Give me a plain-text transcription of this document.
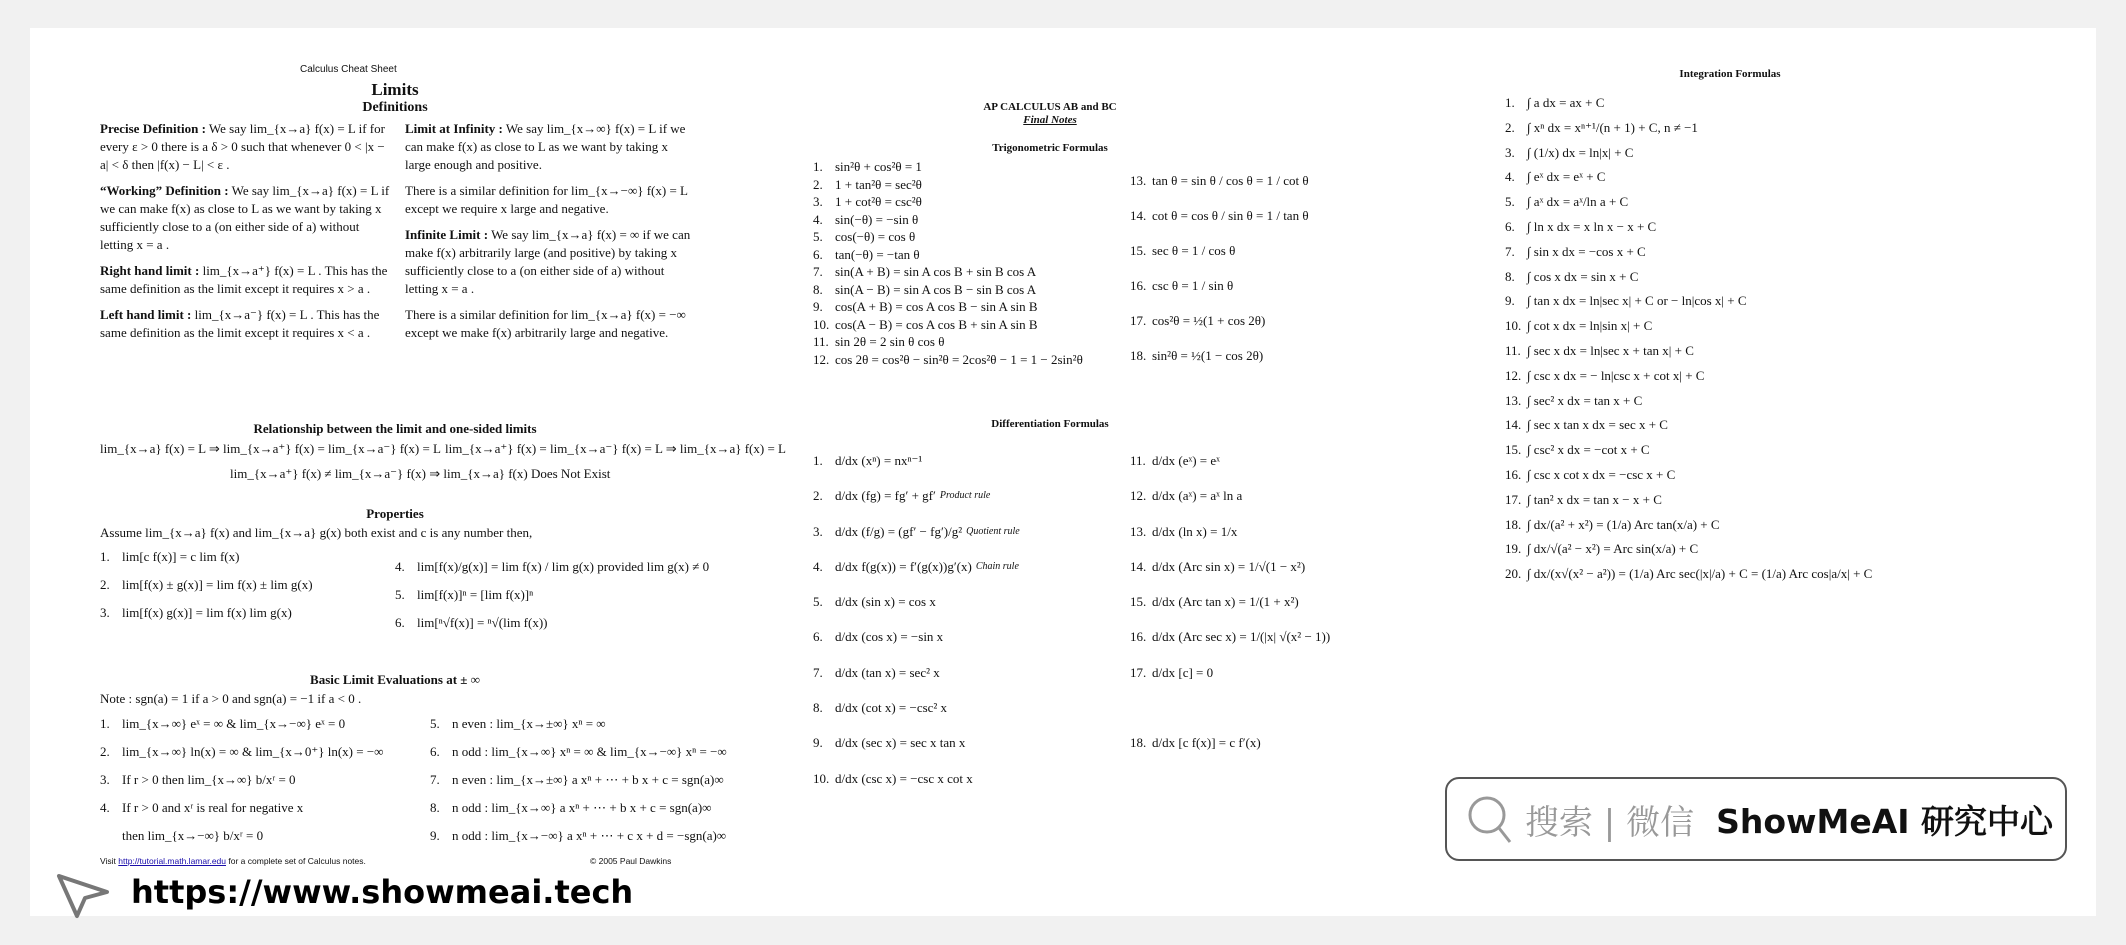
Calculus Cheat Sheet
Limits
Definitions

Precise Definition : We say lim_{x→a} f(x) = L if for every ε > 0 there is a δ > 0 such that whenever 0 < |x − a| < δ then |f(x) − L| < ε .

“Working” Definition : We say lim_{x→a} f(x) = L if we can make f(x) as close to L as we want by taking x sufficiently close to a (on either side of a) without letting x = a .

Right hand limit : lim_{x→a⁺} f(x) = L . This has the same definition as the limit except it requires x > a .

Left hand limit : lim_{x→a⁻} f(x) = L . This has the same definition as the limit except it requires x < a .

Limit at Infinity : We say lim_{x→∞} f(x) = L if we can make f(x) as close to L as we want by taking x large enough and positive.

There is a similar definition for lim_{x→−∞} f(x) = L except we require x large and negative.

Infinite Limit : We say lim_{x→a} f(x) = ∞ if we can make f(x) arbitrarily large (and positive) by taking x sufficiently close to a (on either side of a) without letting x = a .

There is a similar definition for lim_{x→a} f(x) = −∞ except we make f(x) arbitrarily large and negative.

Relationship between the limit and one-sided limits
lim_{x→a} f(x) = L ⇒ lim_{x→a⁺} f(x) = lim_{x→a⁻} f(x) = L lim_{x→a⁺} f(x) = lim_{x→a⁻} f(x) = L ⇒ lim_{x→a} f(x) = L
lim_{x→a⁺} f(x) ≠ lim_{x→a⁻} f(x) ⇒ lim_{x→a} f(x) Does Not Exist
Properties
Assume lim_{x→a} f(x) and lim_{x→a} g(x) both exist and c is any number then,
1. lim[c f(x)] = c lim f(x)
2. lim[f(x) ± g(x)] = lim f(x) ± lim g(x)
3. lim[f(x) g(x)] = lim f(x) lim g(x)
4. lim[f(x)/g(x)] = lim f(x) / lim g(x) provided lim g(x) ≠ 0
5. lim[f(x)]ⁿ = [lim f(x)]ⁿ
6. lim[ⁿ√f(x)] = ⁿ√(lim f(x))
Basic Limit Evaluations at ± ∞
Note : sgn(a) = 1 if a > 0 and sgn(a) = −1 if a < 0 .
1. lim_{x→∞} eˣ = ∞ & lim_{x→−∞} eˣ = 0
2. lim_{x→∞} ln(x) = ∞ & lim_{x→0⁺} ln(x) = −∞
3. If r > 0 then lim_{x→∞} b/xʳ = 0
4. If r > 0 and xʳ is real for negative x
then lim_{x→−∞} b/xʳ = 0
5. n even : lim_{x→±∞} xⁿ = ∞
6. n odd : lim_{x→∞} xⁿ = ∞ & lim_{x→−∞} xⁿ = −∞
7. n even : lim_{x→±∞} a xⁿ + ⋯ + b x + c = sgn(a)∞
8. n odd : lim_{x→∞} a xⁿ + ⋯ + b x + c = sgn(a)∞
9. n odd : lim_{x→−∞} a xⁿ + ⋯ + c x + d = −sgn(a)∞
Visit http://tutorial.math.lamar.edu for a complete set of Calculus notes.	© 2005 Paul Dawkins
AP CALCULUS AB and BC
Final Notes
Trigonometric Formulas
1. sin²θ + cos²θ = 1
2. 1 + tan²θ = sec²θ
3. 1 + cot²θ = csc²θ
4. sin(−θ) = −sin θ
5. cos(−θ) = cos θ
6. tan(−θ) = −tan θ
7. sin(A + B) = sin A cos B + sin B cos A
8. sin(A − B) = sin A cos B − sin B cos A
9. cos(A + B) = cos A cos B − sin A sin B
10. cos(A − B) = cos A cos B + sin A sin B
11. sin 2θ = 2 sin θ cos θ
12. cos 2θ = cos²θ − sin²θ = 2cos²θ − 1 = 1 − 2sin²θ
13. tan θ = sin θ / cos θ = 1 / cot θ
14. cot θ = cos θ / sin θ = 1 / tan θ
15. sec θ = 1 / cos θ
16. csc θ = 1 / sin θ
17. cos²θ = ½(1 + cos 2θ)
18. sin²θ = ½(1 − cos 2θ)
Differentiation Formulas
1. d/dx (xⁿ) = nxⁿ⁻¹
2. d/dx (fg) = fg′ + gf′ Product rule
3. d/dx (f/g) = (gf′ − fg′)/g² Quotient rule
4. d/dx f(g(x)) = f′(g(x))g′(x) Chain rule
5. d/dx (sin x) = cos x
6. d/dx (cos x) = −sin x
7. d/dx (tan x) = sec² x
8. d/dx (cot x) = −csc² x
9. d/dx (sec x) = sec x tan x
10. d/dx (csc x) = −csc x cot x
11. d/dx (eˣ) = eˣ
12. d/dx (aˣ) = aˣ ln a
13. d/dx (ln x) = 1/x
14. d/dx (Arc sin x) = 1/√(1 − x²)
15. d/dx (Arc tan x) = 1/(1 + x²)
16. d/dx (Arc sec x) = 1/(|x| √(x² − 1))
17. d/dx [c] = 0
18. d/dx [c f(x)] = c f′(x)
Integration Formulas
1. ∫ a dx = ax + C
2. ∫ xⁿ dx = xⁿ⁺¹/(n + 1) + C, n ≠ −1
3. ∫ (1/x) dx = ln|x| + C
4. ∫ eˣ dx = eˣ + C
5. ∫ aˣ dx = aˣ/ln a + C
6. ∫ ln x dx = x ln x − x + C
7. ∫ sin x dx = −cos x + C
8. ∫ cos x dx = sin x + C
9. ∫ tan x dx = ln|sec x| + C or − ln|cos x| + C
10. ∫ cot x dx = ln|sin x| + C
11. ∫ sec x dx = ln|sec x + tan x| + C
12. ∫ csc x dx = − ln|csc x + cot x| + C
13. ∫ sec² x dx = tan x + C
14. ∫ sec x tan x dx = sec x + C
15. ∫ csc² x dx = −cot x + C
16. ∫ csc x cot x dx = −csc x + C
17. ∫ tan² x dx = tan x − x + C
18. ∫ dx/(a² + x²) = (1/a) Arc tan(x/a) + C
19. ∫ dx/√(a² − x²) = Arc sin(x/a) + C
20. ∫ dx/(x√(x² − a²)) = (1/a) Arc sec(|x|/a) + C = (1/a) Arc cos|a/x| + C
搜索 | 微信 ShowMeAI 研究中心
https://www.showmeai.tech
